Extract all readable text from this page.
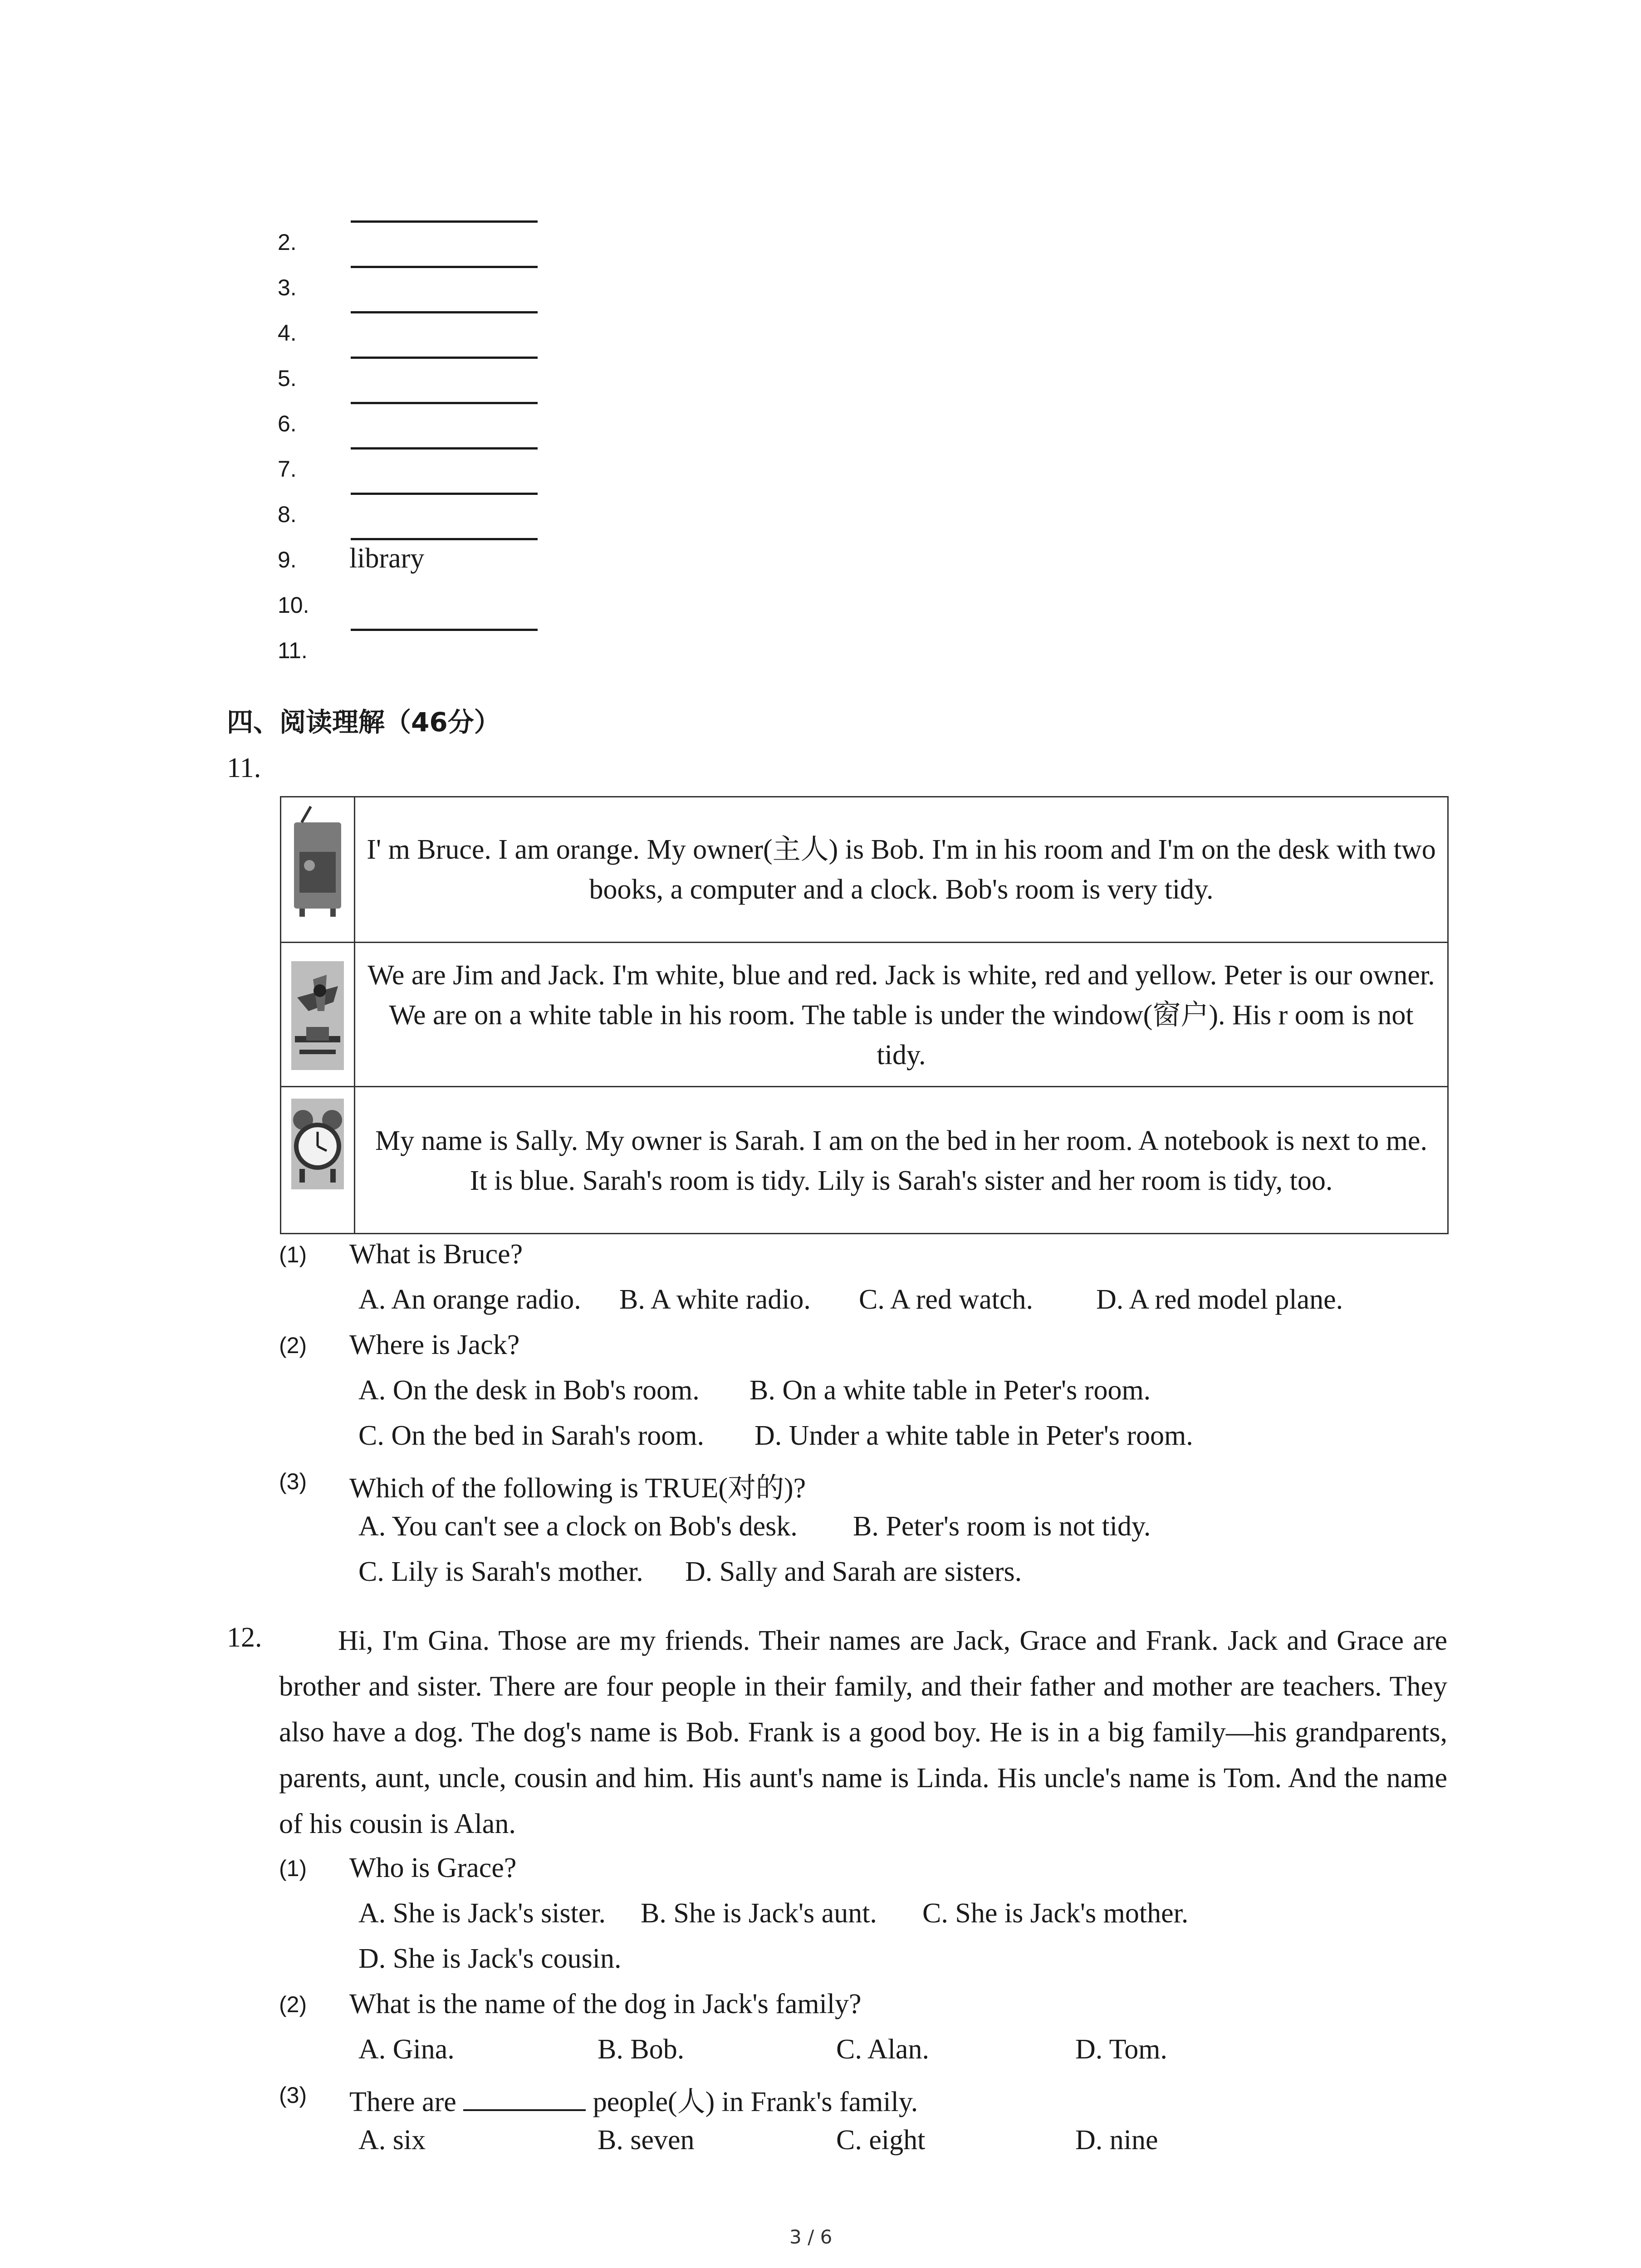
2.
3.
4.
5.
6.
7.
8.
9. library
10.
11.
四、阅读理解（46分）
11.
I' m Bruce. I am orange. My owner(主人) is Bob. I'm in his room and I'm on the desk with two books, a computer and a clock. Bob's room is very tidy.
We are Jim and Jack. I'm white, blue and red. Jack is white, red and yellow. Peter is our owner. We are on a white table in his room. The table is under the window(窗户). His r oom is not tidy.
My name is Sally. My owner is Sarah. I am on the bed in her room. A notebook is next to me. It is blue. Sarah's room is tidy. Lily is Sarah's sister and her room is tidy, too.
(1) What is Bruce?
A. An orange radio. B. A white radio. C. A red watch. D. A red model plane.
(2) Where is Jack?
A. On the desk in Bob's room. B. On a white table in Peter's room.
C. On the bed in Sarah's room. D. Under a white table in Peter's room.
(3) Which of the following is TRUE(对的)?
A. You can't see a clock on Bob's desk. B. Peter's room is not tidy.
C. Lily is Sarah's mother. D. Sally and Sarah are sisters.
12.	Hi, I'm Gina. Those are my friends. Their names are Jack, Grace and Frank. Jack and Grace are brother and sister. There are four people in their family, and their father and mother are teachers. They also have a dog. The dog's name is Bob. Frank is a good boy. He is in a big family—his grandparents, parents, aunt, uncle, cousin and him. His aunt's name is Linda. His uncle's name is Tom. And the name of his cousin is Alan.
(1) Who is Grace?
A. She is Jack's sister. B. She is Jack's aunt. C. She is Jack's mother.
D. She is Jack's cousin.
(2) What is the name of the dog in Jack's family?
A. Gina.	B. Bob.	C. Alan.	D. Tom.
(3) There are	people(人) in Frank's family.
A. six	B. seven	C. eight	D. nine
3 / 6
